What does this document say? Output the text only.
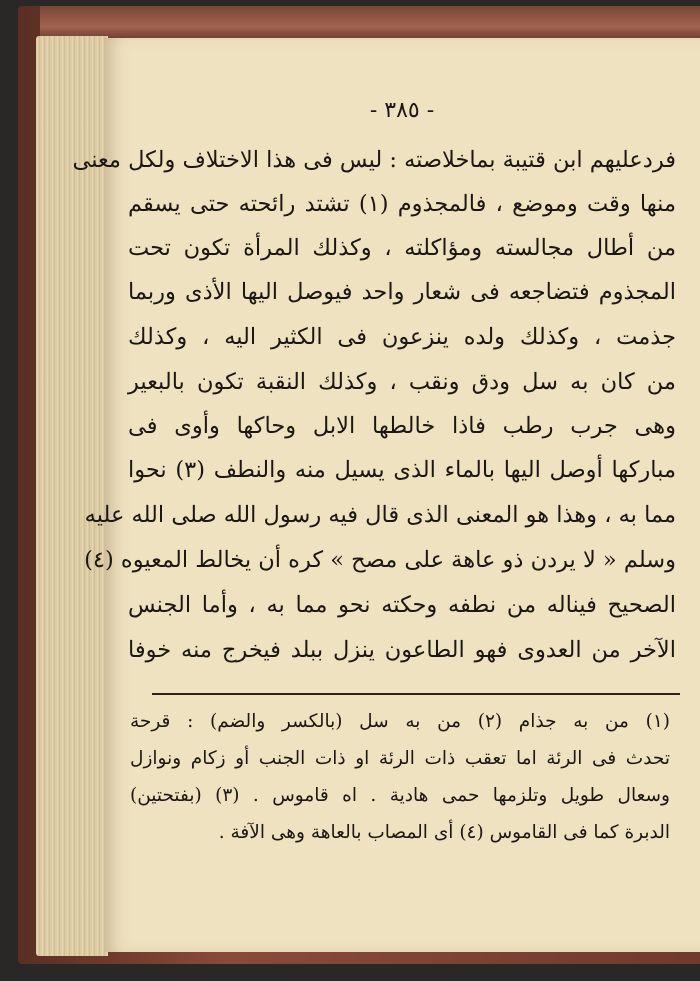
- ٣٨٥ -
فردعليهم ابن قتيبة بماخلاصته : ليس فى هذا الاختلاف ولكل معنى
منها وقت وموضع ، فالمجذوم (١) تشتد رائحته حتى يسقم
من أطال مجالسته ومؤاكلته ، وكذلك المرأة تكون تحت
المجذوم فتضاجعه فى شعار واحد فيوصل اليها الأذى وربما
جذمت ، وكذلك ولده ينزعون فى الكثير اليه ، وكذلك
من كان به سل ودق ونقب ، وكذلك النقبة تكون بالبعير
وهى جرب رطب فاذا خالطها الابل وحاكها وأوى فى
مباركها أوصل اليها بالماء الذى يسيل منه والنطف (٣) نحوا
مما به ، وهذا هو المعنى الذى قال فيه رسول الله صلى الله عليه
وسلم « لا يردن ذو عاهة على مصح » كره أن يخالط المعيوه (٤)
الصحيح فيناله من نطفه وحكته نحو مما به ، وأما الجنس
الآخر من العدوى فهو الطاعون ينزل ببلد فيخرج منه خوفا
(١) من به جذام (٢) من به سل (بالكسر والضم) : قرحة
تحدث فى الرئة اما تعقب ذات الرئة او ذات الجنب أو زكام ونوازل
وسعال طويل وتلزمها حمى هادية . اه قاموس . (٣) (بفتحتين)
الدبرة كما فى القاموس (٤) أى المصاب بالعاهة وهى الآفة .
